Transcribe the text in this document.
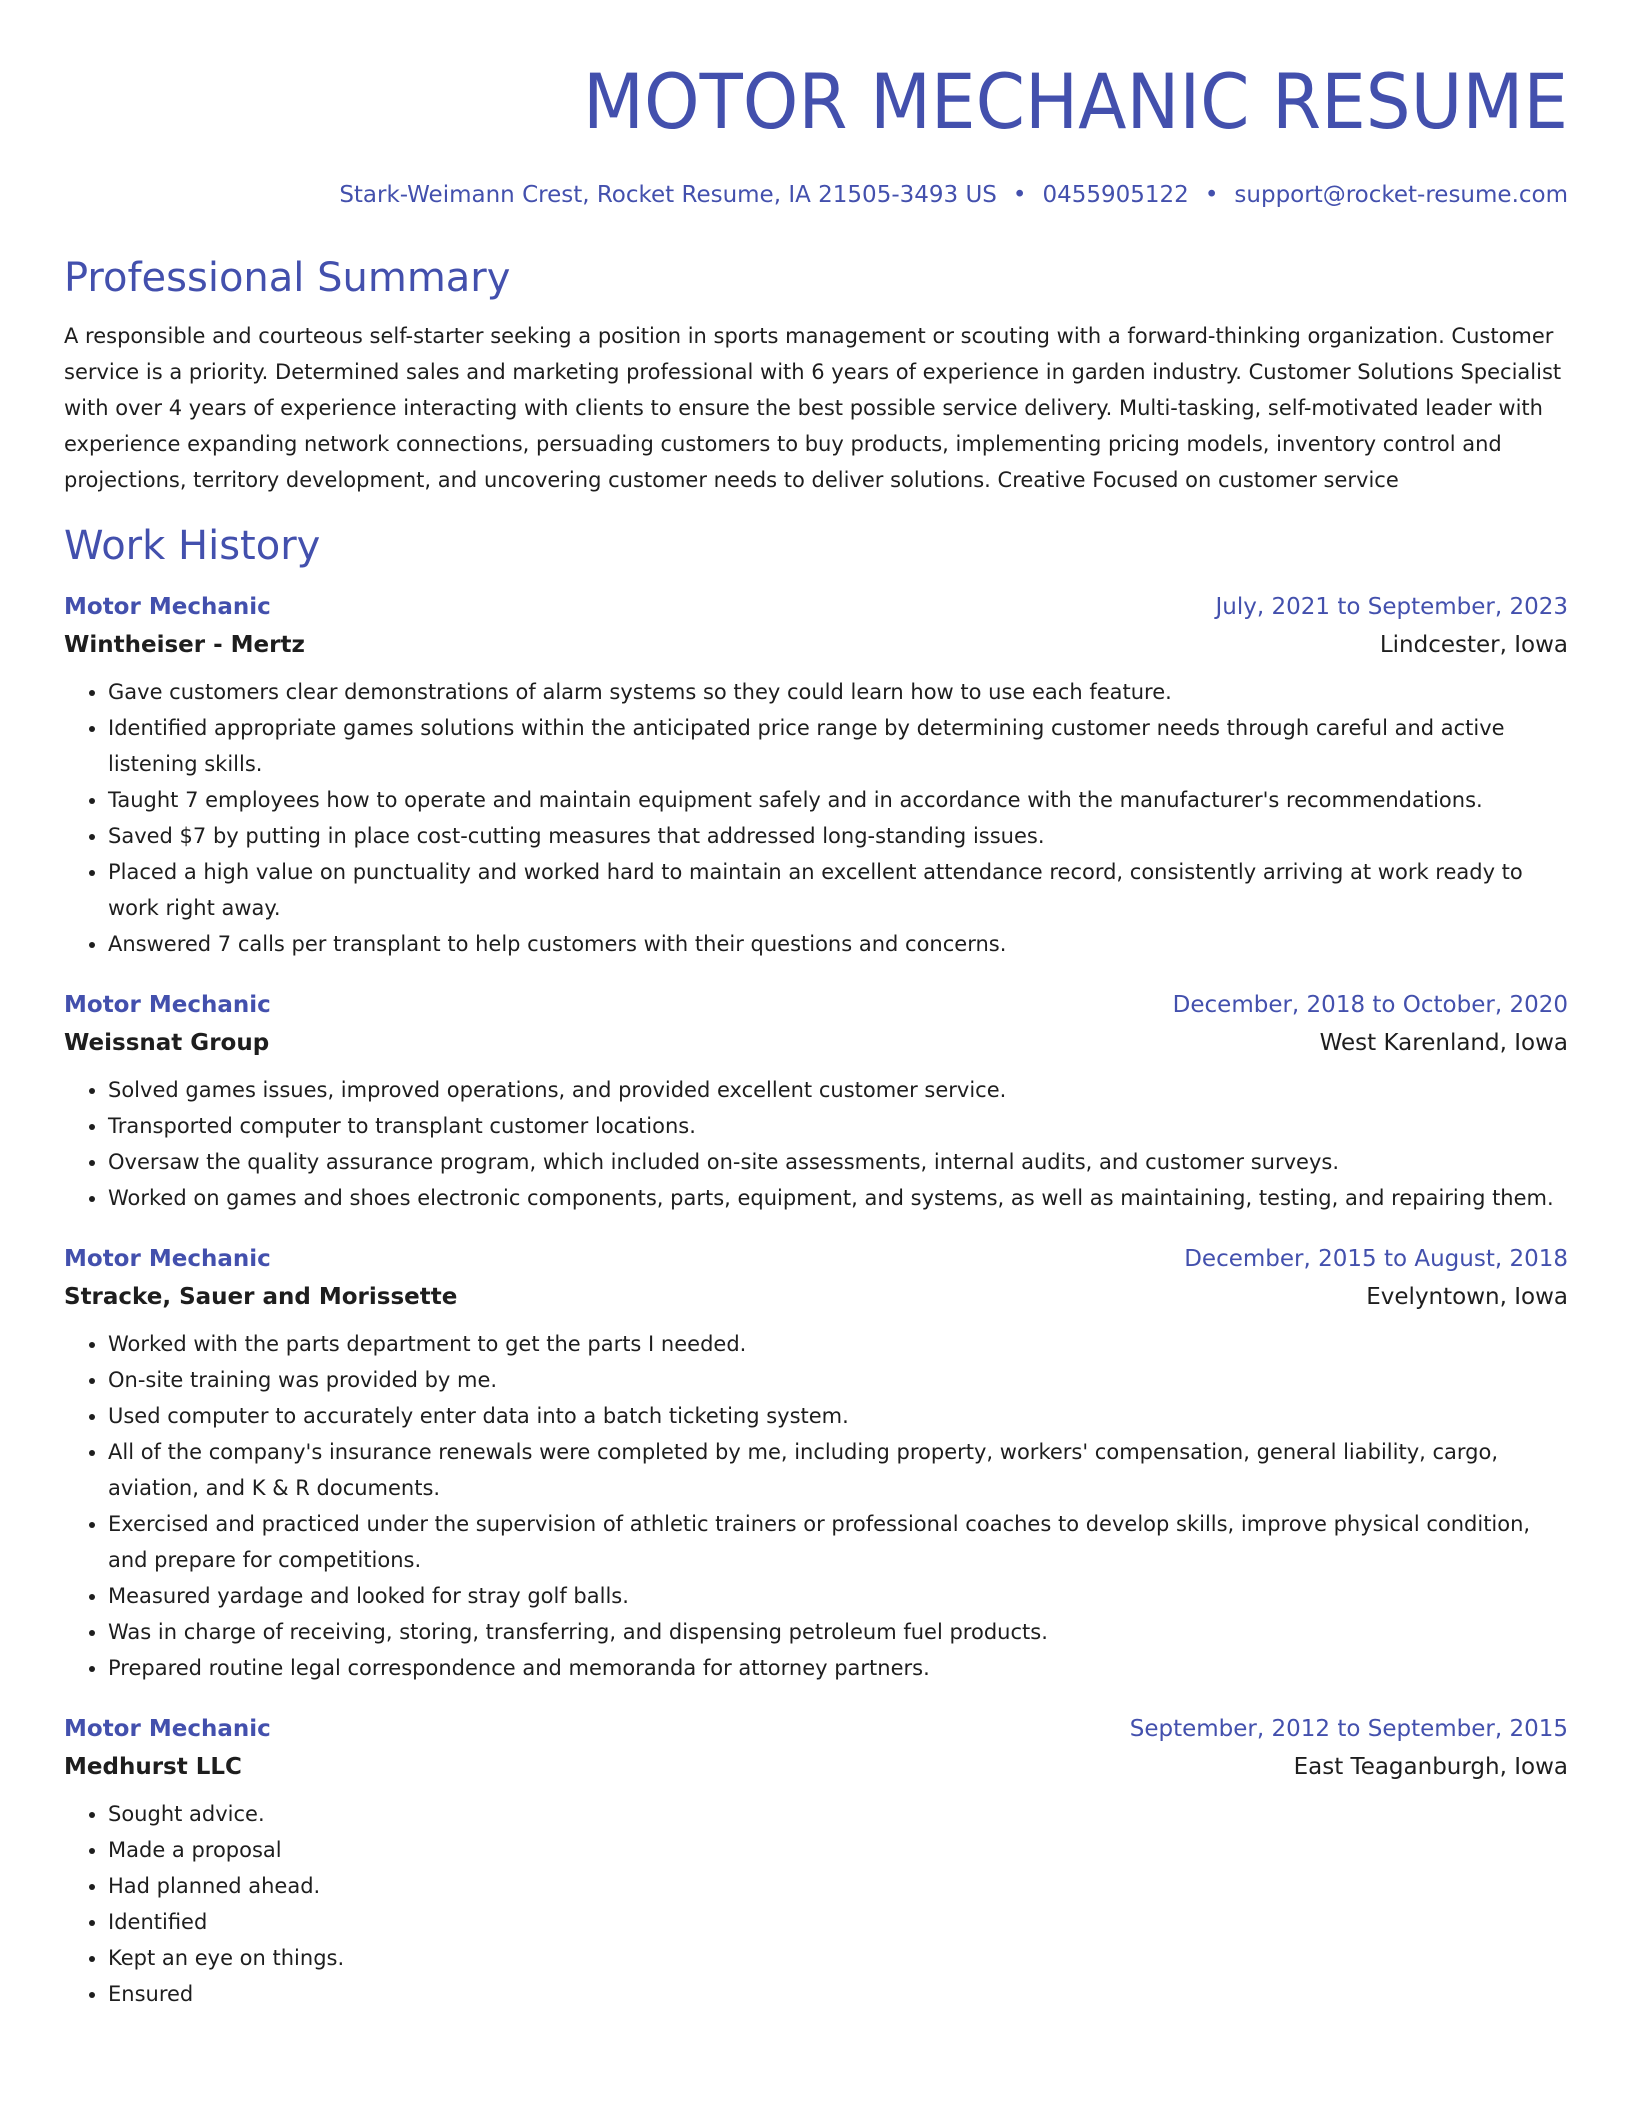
MOTOR MECHANIC RESUME
Stark-Weimann Crest, Rocket Resume, IA 21505-3493 US • 0455905122 • support@rocket-resume.com
Professional Summary

A responsible and courteous self-starter seeking a position in sports management or scouting with a forward-thinking organization. Customer service is a priority. Determined sales and marketing professional with 6 years of experience in garden industry. Customer Solutions Specialist with over 4 years of experience interacting with clients to ensure the best possible service delivery. Multi-tasking, self-motivated leader with experience expanding network connections, persuading customers to buy products, implementing pricing models, inventory control and projections, territory development, and uncovering customer needs to deliver solutions. Creative Focused on customer service

Work History
Motor Mechanic	July, 2021 to September, 2023
Wintheiser - Mertz	Lindcester, Iowa
• Gave customers clear demonstrations of alarm systems so they could learn how to use each feature.
• Identified appropriate games solutions within the anticipated price range by determining customer needs through careful and active listening skills.
• Taught 7 employees how to operate and maintain equipment safely and in accordance with the manufacturer's recommendations.
• Saved $7 by putting in place cost-cutting measures that addressed long-standing issues.
• Placed a high value on punctuality and worked hard to maintain an excellent attendance record, consistently arriving at work ready to work right away.
• Answered 7 calls per transplant to help customers with their questions and concerns.
Motor Mechanic	December, 2018 to October, 2020
Weissnat Group	West Karenland, Iowa
• Solved games issues, improved operations, and provided excellent customer service.
• Transported computer to transplant customer locations.
• Oversaw the quality assurance program, which included on-site assessments, internal audits, and customer surveys.
• Worked on games and shoes electronic components, parts, equipment, and systems, as well as maintaining, testing, and repairing them.
Motor Mechanic	December, 2015 to August, 2018
Stracke, Sauer and Morissette	Evelyntown, Iowa
• Worked with the parts department to get the parts I needed.
• On-site training was provided by me.
• Used computer to accurately enter data into a batch ticketing system.
• All of the company's insurance renewals were completed by me, including property, workers' compensation, general liability, cargo, aviation, and K & R documents.
• Exercised and practiced under the supervision of athletic trainers or professional coaches to develop skills, improve physical condition, and prepare for competitions.
• Measured yardage and looked for stray golf balls.
• Was in charge of receiving, storing, transferring, and dispensing petroleum fuel products.
• Prepared routine legal correspondence and memoranda for attorney partners.
Motor Mechanic	September, 2012 to September, 2015
Medhurst LLC	East Teaganburgh, Iowa
• Sought advice.
• Made a proposal
• Had planned ahead.
• Identified
• Kept an eye on things.
• Ensured
